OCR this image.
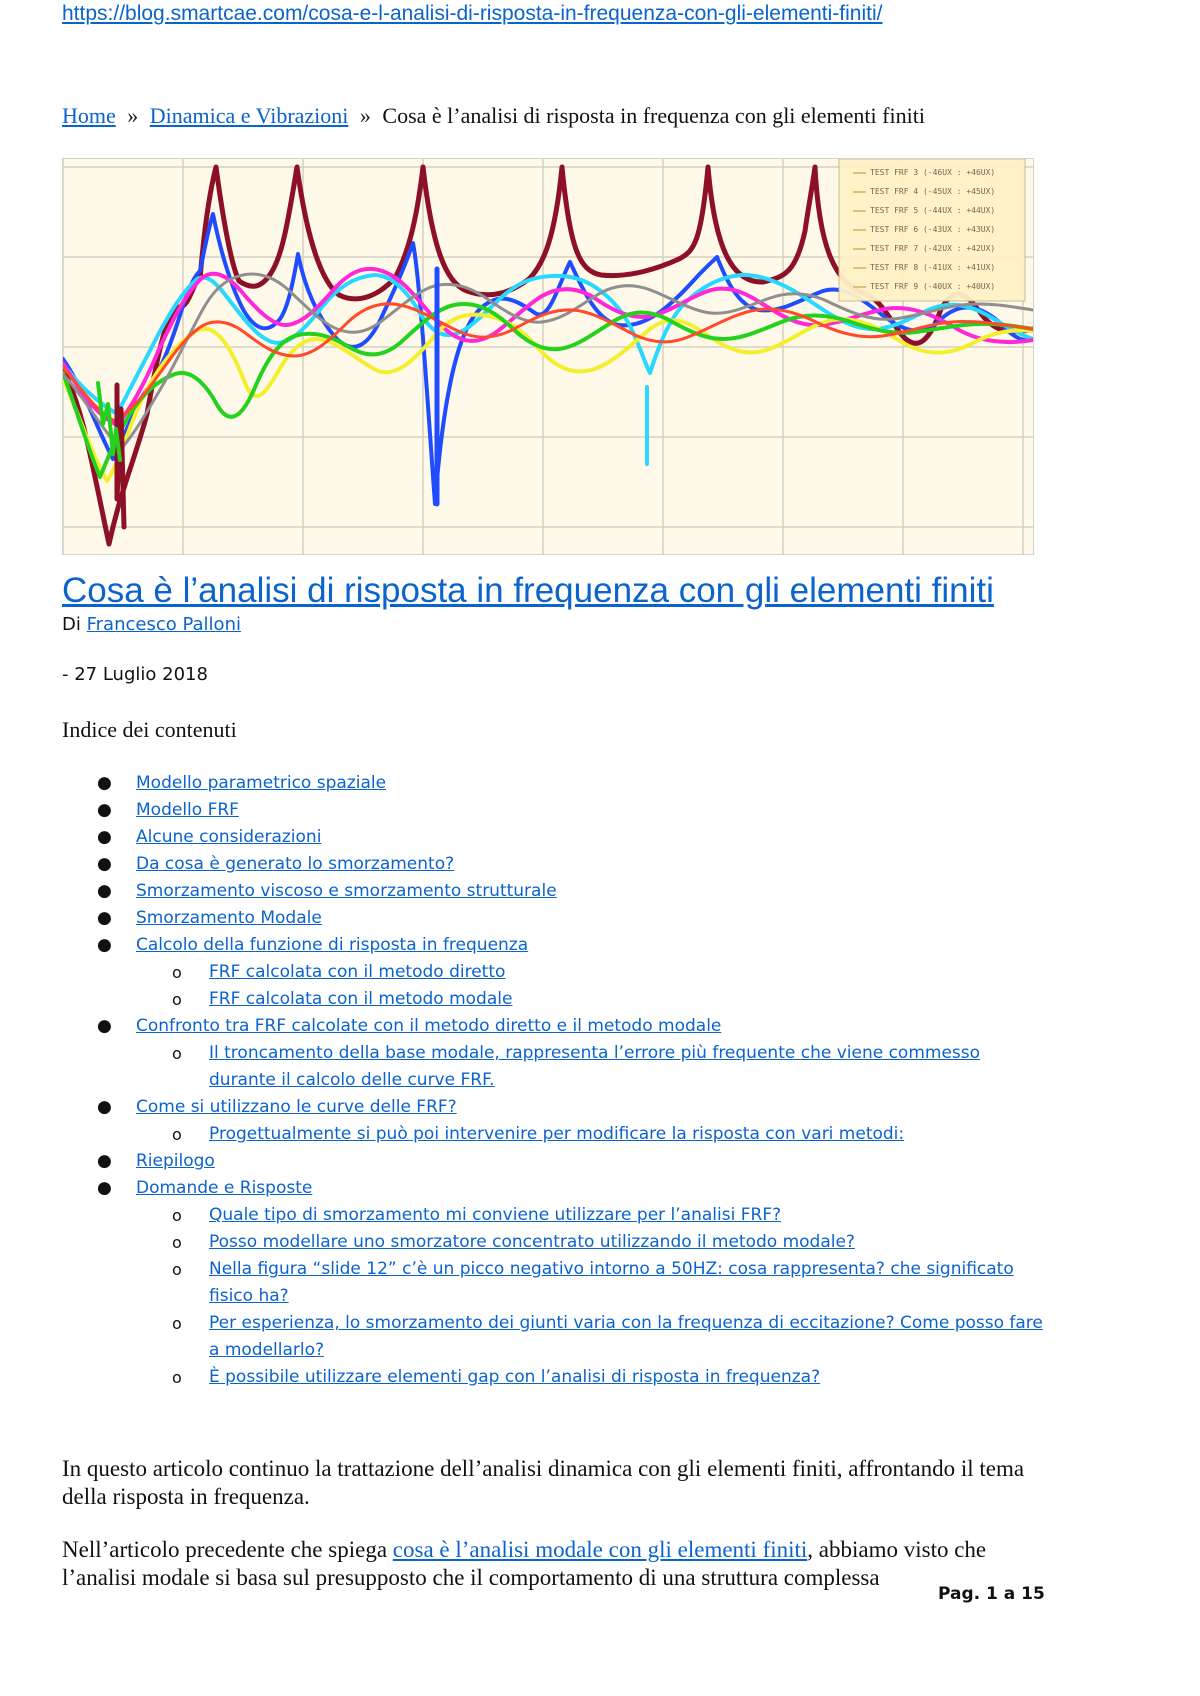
https://blog.smartcae.com/cosa-e-l-analisi-di-risposta-in-frequenza-con-gli-elementi-finiti/
Home » Dinamica e Vibrazioni » Cosa è l’analisi di risposta in frequenza con gli elementi finiti
TEST FRF 3 (-46UX : +46UX)
TEST FRF 4 (-45UX : +45UX)
TEST FRF 5 (-44UX : +44UX)
TEST FRF 6 (-43UX : +43UX)
TEST FRF 7 (-42UX : +42UX)
TEST FRF 8 (-41UX : +41UX)
TEST FRF 9 (-40UX : +40UX)
Cosa è l’analisi di risposta in frequenza con gli elementi finiti
Di Francesco Palloni
- 27 Luglio 2018
Indice dei contenuti
● Modello parametrico spaziale
● Modello FRF
● Alcune considerazioni
● Da cosa è generato lo smorzamento?
● Smorzamento viscoso e smorzamento strutturale
● Smorzamento Modale
● Calcolo della funzione di risposta in frequenza
o FRF calcolata con il metodo diretto
o FRF calcolata con il metodo modale
● Confronto tra FRF calcolate con il metodo diretto e il metodo modale
o Il troncamento della base modale, rappresenta l’errore più frequente che viene commesso durante il calcolo delle curve FRF.
● Come si utilizzano le curve delle FRF?
o Progettualmente si può poi intervenire per modificare la risposta con vari metodi:
● Riepilogo
● Domande e Risposte
o Quale tipo di smorzamento mi conviene utilizzare per l’analisi FRF?
o Posso modellare uno smorzatore concentrato utilizzando il metodo modale?
o Nella figura “slide 12” c’è un picco negativo intorno a 50HZ: cosa rappresenta? che significato fisico ha?
o Per esperienza, lo smorzamento dei giunti varia con la frequenza di eccitazione? Come posso fare a modellarlo?
o È possibile utilizzare elementi gap con l’analisi di risposta in frequenza?

In questo articolo continuo la trattazione dell’analisi dinamica con gli elementi finiti, affrontando il tema della risposta in frequenza.

Nell’articolo precedente che spiega cosa è l’analisi modale con gli elementi finiti, abbiamo visto che l’analisi modale si basa sul presupposto che il comportamento di una struttura complessa

Pag. 1 a 15
